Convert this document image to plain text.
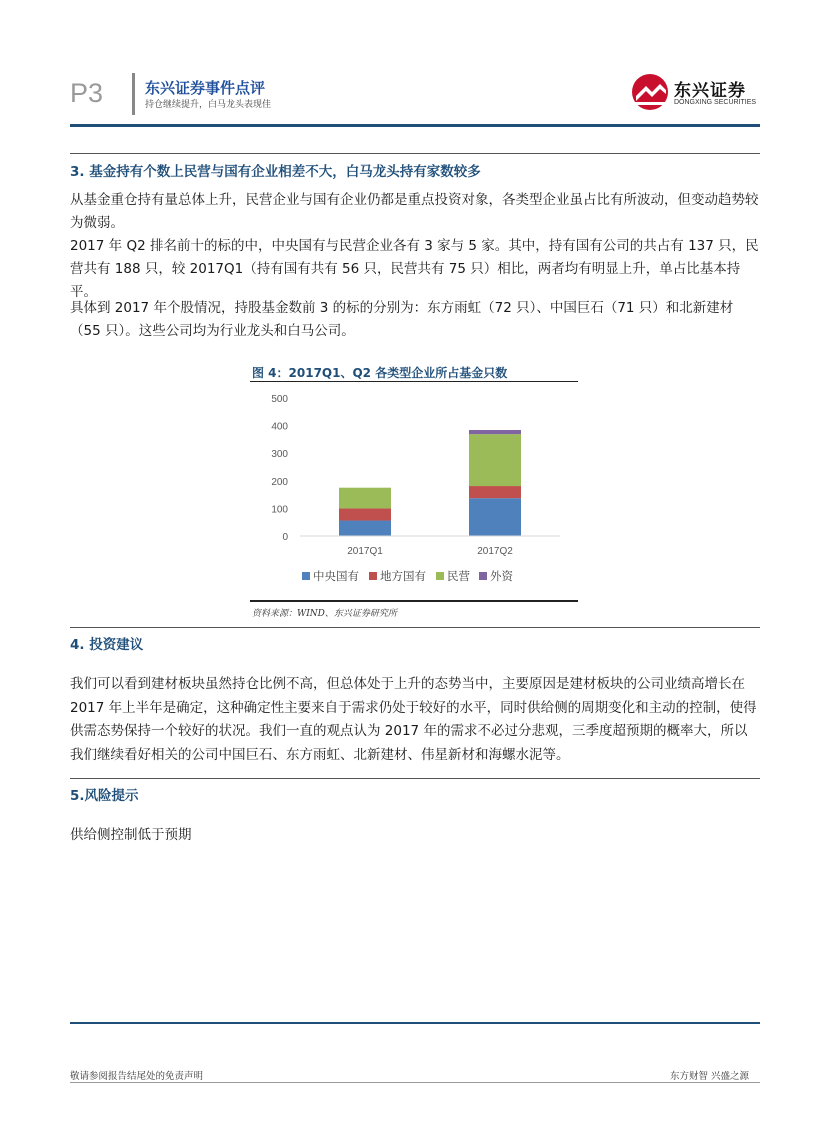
P3	东兴证券事件点评
持仓继续提升，白马龙头表现佳
东兴证券
DONGXING SECURITIES
3. 基金持有个数上民营与国有企业相差不大，白马龙头持有家数较多
从基金重仓持有量总体上升，民营企业与国有企业仍都是重点投资对象，各类型企业虽占比有所波动，但变动趋势较为微弱。
2017 年 Q2 排名前十的标的中，中央国有与民营企业各有 3 家与 5 家。其中，持有国有公司的共占有 137 只，民营共有 188 只，较 2017Q1（持有国有共有 56 只，民营共有 75 只）相比，两者均有明显上升，单占比基本持平。
具体到 2017 年个股情况，持股基金数前 3 的标的分别为：东方雨虹（72 只）、中国巨石（71 只）和北新建材（55 只）。这些公司均为行业龙头和白马公司。
图 4：2017Q1、Q2 各类型企业所占基金只数
0
100
200
300
400
500
2017Q1	2017Q2
中央国有 地方国有 民营 外资
资料来源：WIND、东兴证券研究所
4. 投资建议
我们可以看到建材板块虽然持仓比例不高，但总体处于上升的态势当中，主要原因是建材板块的公司业绩高增长在 2017 年上半年是确定，这种确定性主要来自于需求仍处于较好的水平，同时供给侧的周期变化和主动的控制，使得供需态势保持一个较好的状况。我们一直的观点认为 2017 年的需求不必过分悲观，三季度超预期的概率大，所以我们继续看好相关的公司中国巨石、东方雨虹、北新建材、伟星新材和海螺水泥等。
5.风险提示
供给侧控制低于预期
敬请参阅报告结尾处的免责声明	东方财智 兴盛之源
